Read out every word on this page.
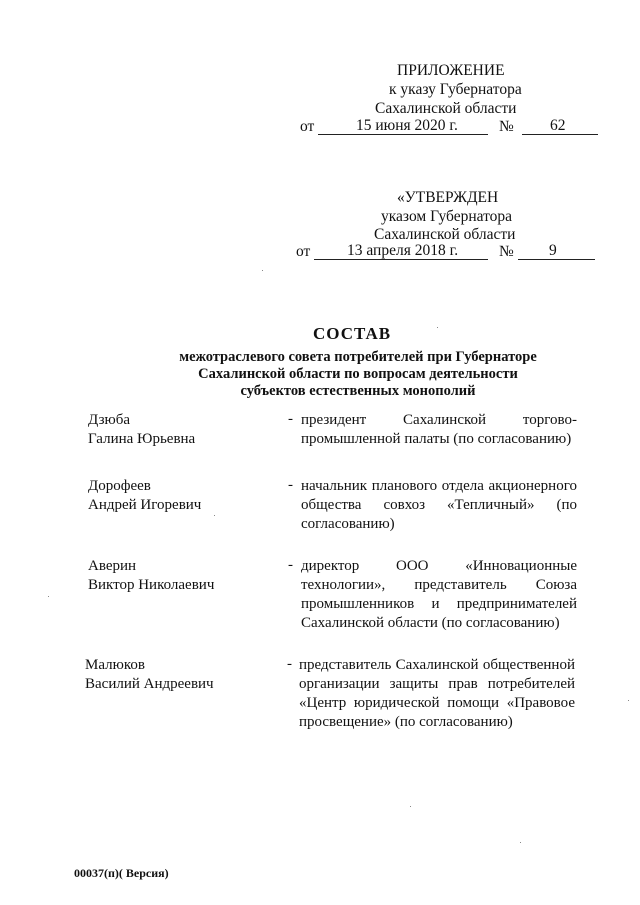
ПРИЛОЖЕНИЕ
к указу Губернатора
Сахалинской области
от	15 июня 2020 г.	№ 62
«УТВЕРЖДЕН
указом Губернатора
Сахалинской области
от 13 апреля 2018 г.	№ 9
СОСТАВ
межотраслевого совета потребителей при Губернаторе
Сахалинской области по вопросам деятельности
субъектов естественных монополий
Дзюба
Галина Юрьевна
- президент Сахалинской торгово-промышленной палаты (по согласованию)
Дорофеев
Андрей Игоревич
- начальник планового отдела акционерного общества совхоз «Тепличный» (по согласованию)
Аверин
Виктор Николаевич
- директор ООО «Инновационные технологии», представитель Союза промышленников и предпринимателей Сахалинской области (по согласованию)
Малюков
Василий Андреевич
- представитель Сахалинской общественной организации защиты прав потребителей «Центр юридической помощи «Правовое просвещение» (по согласованию)
00037(п)( Версия)
